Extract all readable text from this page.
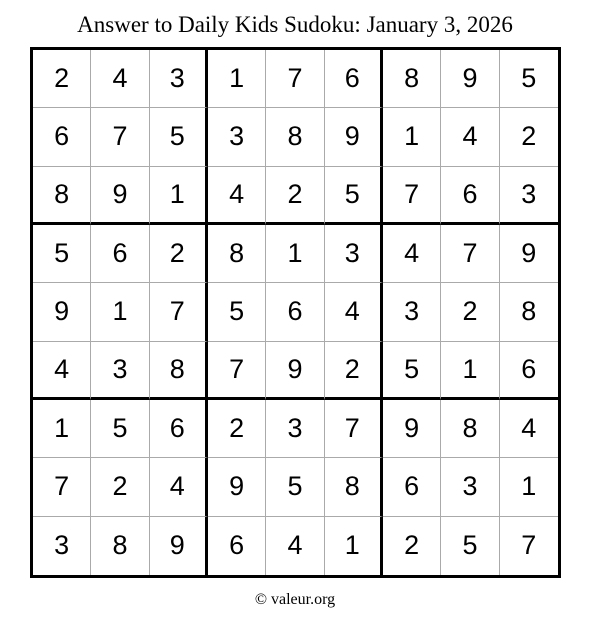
Answer to Daily Kids Sudoku: January 3, 2026
2	4	3	1	7	6	8	9	5
6	7	5	3	8	9	1	4	2
8	9	1	4	2	5	7	6	3
5	6	2	8	1	3	4	7	9
9	1	7	5	6	4	3	2	8
4	3	8	7	9	2	5	1	6
1	5	6	2	3	7	9	8	4
7	2	4	9	5	8	6	3	1
3	8	9	6	4	1	2	5	7
© valeur.org
